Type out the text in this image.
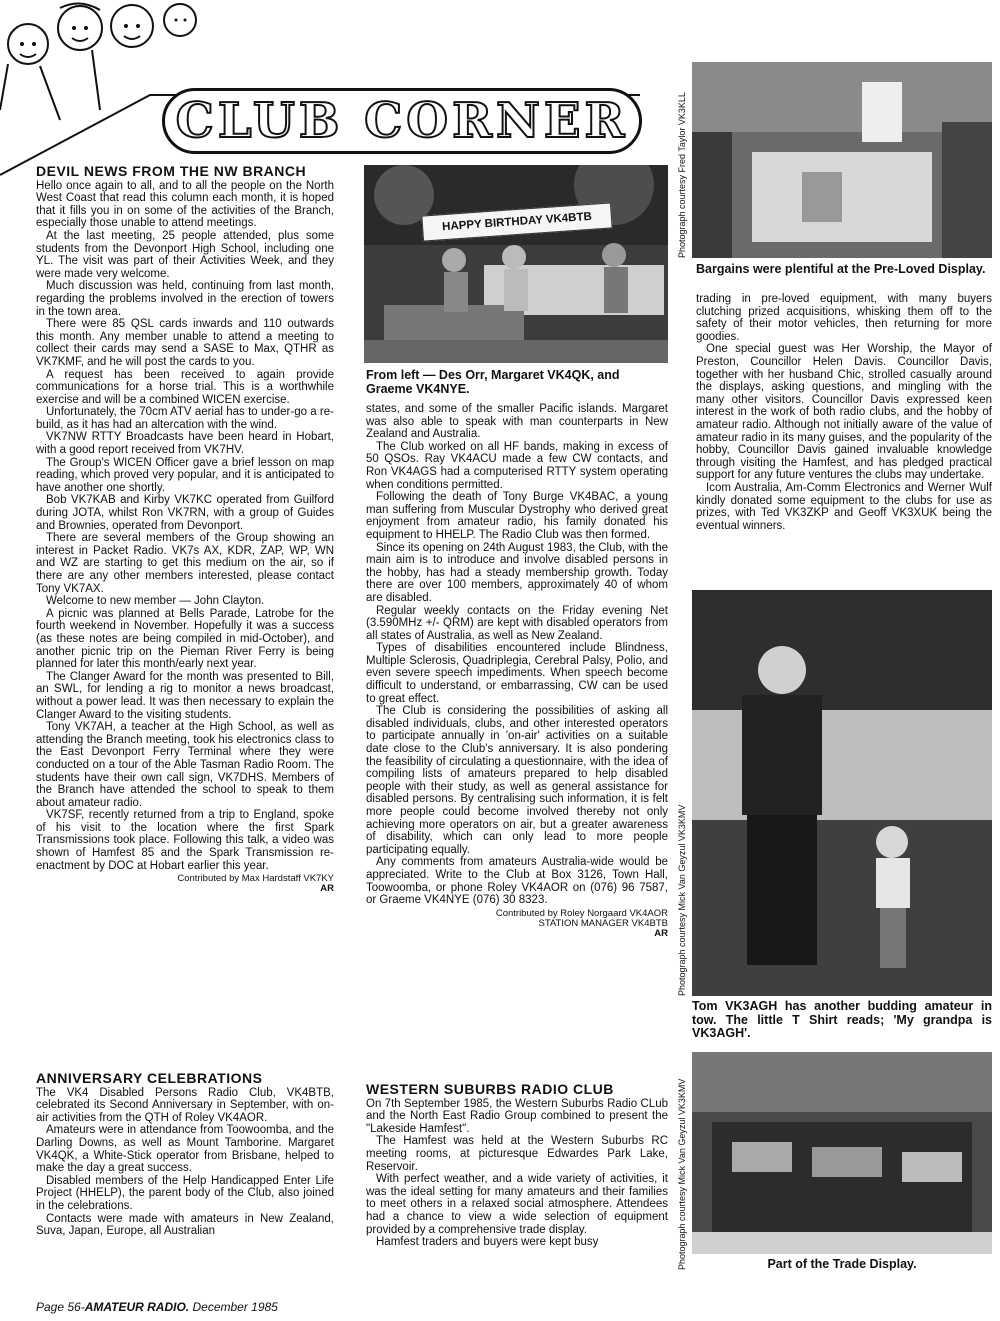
CLUB CORNER
DEVIL NEWS FROM THE NW BRANCH

Hello once again to all, and to all the people on the North West Coast that read this column each month, it is hoped that it fills you in on some of the activities of the Branch, especially those unable to attend meetings.

At the last meeting, 25 people attended, plus some students from the Devonport High School, including one YL. The visit was part of their Activities Week, and they were made very welcome.

Much discussion was held, continuing from last month, regarding the problems involved in the erection of towers in the town area.

There were 85 QSL cards inwards and 110 outwards this month. Any member unable to attend a meeting to collect their cards may send a SASE to Max, QTHR as VK7KMF, and he will post the cards to you.

A request has been received to again provide communications for a horse trial. This is a worthwhile exercise and will be a combined WICEN exercise.

Unfortunately, the 70cm ATV aerial has to under-go a re-build, as it has had an altercation with the wind.

VK7NW RTTY Broadcasts have been heard in Hobart, with a good report received from VK7HV.

The Group's WICEN Officer gave a brief lesson on map reading, which proved very popular, and it is anticipated to have another one shortly.

Bob VK7KAB and Kirby VK7KC operated from Guilford during JOTA, whilst Ron VK7RN, with a group of Guides and Brownies, operated from Devonport.

There are several members of the Group showing an interest in Packet Radio. VK7s AX, KDR, ZAP, WP, WN and WZ are starting to get this medium on the air, so if there are any other members interested, please contact Tony VK7AX.

Welcome to new member — John Clayton.

A picnic was planned at Bells Parade, Latrobe for the fourth weekend in November. Hopefully it was a success (as these notes are being compiled in mid-October), and another picnic trip on the Pieman River Ferry is being planned for later this month/early next year.

The Clanger Award for the month was presented to Bill, an SWL, for lending a rig to monitor a news broadcast, without a power lead. It was then necessary to explain the Clanger Award to the visiting students.

Tony VK7AH, a teacher at the High School, as well as attending the Branch meeting, took his electronics class to the East Devonport Ferry Terminal where they were conducted on a tour of the Able Tasman Radio Room. The students have their own call sign, VK7DHS. Members of the Branch have attended the school to speak to them about amateur radio.

VK7SF, recently returned from a trip to England, spoke of his visit to the location where the first Spark Transmissions took place. Following this talk, a video was shown of Hamfest 85 and the Spark Transmission re-enactment by DOC at Hobart earlier this year.

Contributed by Max Hardstaff VK7KY
AR
ANNIVERSARY CELEBRATIONS

The VK4 Disabled Persons Radio Club, VK4BTB, celebrated its Second Anniversary in September, with on-air activities from the QTH of Roley VK4AOR.

Amateurs were in attendance from Toowoomba, and the Darling Downs, as well as Mount Tamborine. Margaret VK4QK, a White-Stick operator from Brisbane, helped to make the day a great success.

Disabled members of the Help Handicapped Enter Life Project (HHELP), the parent body of the Club, also joined in the celebrations.

Contacts were made with amateurs in New Zealand, Suva, Japan, Europe, all Australian

HAPPY BIRTHDAY VK4BTB
From left — Des Orr, Margaret VK4QK, and Graeme VK4NYE.

states, and some of the smaller Pacific islands. Margaret was also able to speak with man counterparts in New Zealand and Australia.

The Club worked on all HF bands, making in excess of 50 QSOs. Ray VK4ACU made a few CW contacts, and Ron VK4AGS had a computerised RTTY system operating when conditions permitted.

Following the death of Tony Burge VK4BAC, a young man suffering from Muscular Dystrophy who derived great enjoyment from amateur radio, his family donated his equipment to HHELP. The Radio Club was then formed.

Since its opening on 24th August 1983, the Club, with the main aim is to introduce and involve disabled persons in the hobby, has had a steady membership growth. Today there are over 100 members, approximately 40 of whom are disabled.

Regular weekly contacts on the Friday evening Net (3.590MHz +/- QRM) are kept with disabled operators from all states of Australia, as well as New Zealand.

Types of disabilities encountered include Blindness, Multiple Sclerosis, Quadriplegia, Cerebral Palsy, Polio, and even severe speech impediments. When speech become difficult to understand, or embarrassing, CW can be used to great effect.

The Club is considering the possibilities of asking all disabled individuals, clubs, and other interested operators to participate annually in 'on-air' activities on a suitable date close to the Club's anniversary. It is also pondering the feasibility of circulating a questionnaire, with the idea of compiling lists of amateurs prepared to help disabled people with their study, as well as general assistance for disabled persons. By centralising such information, it is felt more people could become involved thereby not only achieving more operators on air, but a greater awareness of disability, which can only lead to more people participating equally.

Any comments from amateurs Australia-wide would be appreciated. Write to the Club at Box 3126, Town Hall, Toowoomba, or phone Roley VK4AOR on (076) 96 7587, or Graeme VK4NYE (076) 30 8323.

Contributed by Roley Norgaard VK4AOR
STATION MANAGER VK4BTB
AR
WESTERN SUBURBS RADIO CLUB

On 7th September 1985, the Western Suburbs Radio CLub and the North East Radio Group combined to present the "Lakeside Hamfest".

The Hamfest was held at the Western Suburbs RC meeting rooms, at picturesque Edwardes Park Lake, Reservoir.

With perfect weather, and a wide variety of activities, it was the ideal setting for many amateurs and their families to meet others in a relaxed social atmosphere. Attendees had a chance to view a wide selection of equipment provided by a comprehensive trade display.

Hamfest traders and buyers were kept busy

Photograph courtesy Fred Taylor VK3KLL
Bargains were plentiful at the Pre-Loved Display.

trading in pre-loved equipment, with many buyers clutching prized acquisitions, whisking them off to the safety of their motor vehicles, then returning for more goodies.

One special guest was Her Worship, the Mayor of Preston, Councillor Helen Davis. Councillor Davis, together with her husband Chic, strolled casually around the displays, asking questions, and mingling with the many other visitors. Councillor Davis expressed keen interest in the work of both radio clubs, and the hobby of amateur radio. Although not initially aware of the value of amateur radio in its many guises, and the popularity of the hobby, Councillor Davis gained invaluable knowledge through visiting the Hamfest, and has pledged practical support for any future ventures the clubs may undertake.

Icom Australia, Am-Comm Electronics and Werner Wulf kindly donated some equipment to the clubs for use as prizes, with Ted VK3ZKP and Geoff VK3XUK being the eventual winners.

Photograph courtesy Mick Van Geyzul VK3KMV
Tom VK3AGH has another budding amateur in tow. The little T Shirt reads; 'My grandpa is VK3AGH'.
Photograph courtesy Mick Van Geyzul VK3KMV	Part of the Trade Display.
Page 56-AMATEUR RADIO. December 1985
